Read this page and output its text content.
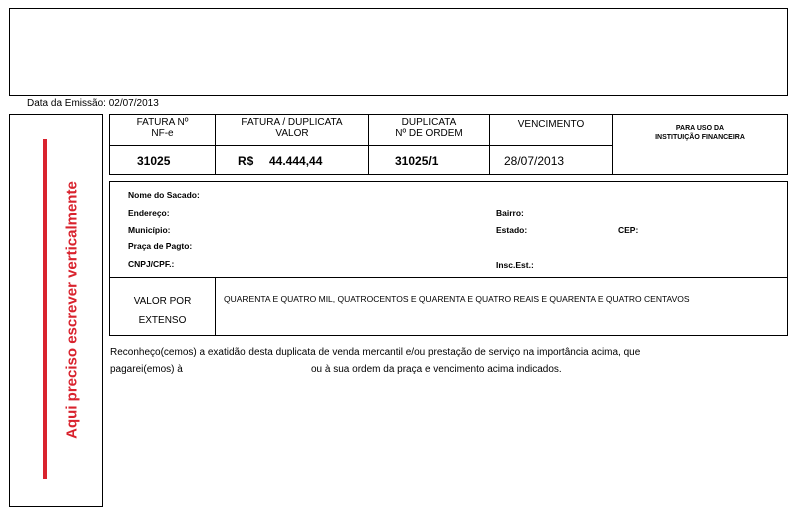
Data da Emissão: 02/07/2013
Aqui preciso escrever verticalmente
FATURA Nº
NF-e
31025
FATURA / DUPLICATA
VALOR
R$ 44.444,44
DUPLICATA
Nº DE ORDEM
31025/1
VENCIMENTO
28/07/2013
PARA USO DA
INSTITUIÇÃO FINANCEIRA
Nome do Sacado:
Endereço:
Município:
Praça de Pagto:
CNPJ/CPF.:
Bairro:
Estado:	CEP:
Insc.Est.:
VALOR POR
EXTENSO
QUARENTA E QUATRO MIL, QUATROCENTOS E QUARENTA E QUATRO REAIS E QUARENTA E QUATRO CENTAVOS
Reconheço(cemos) a exatidão desta duplicata de venda mercantil e/ou prestação de serviço na importância acima, que
pagarei(emos) à	ou à sua ordem da praça e vencimento acima indicados.
